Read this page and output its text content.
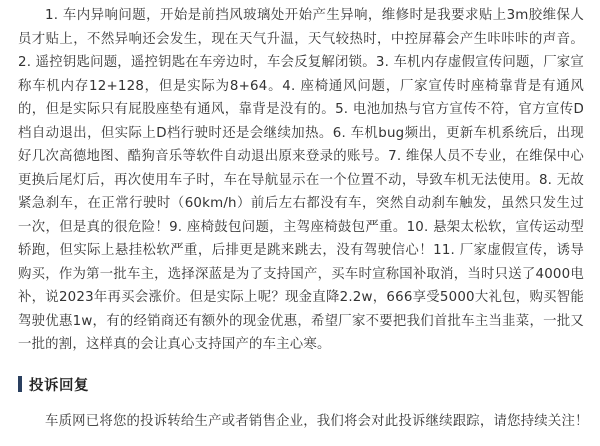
1. 车内异响问题，开始是前挡风玻璃处开始产生异响，维修时是我要求贴上3m胶维保人员才贴上，不然异响还会发生，现在天气升温，天气较热时，中控屏幕会产生咔咔咔的声音。2. 遥控钥匙问题，遥控钥匙在车旁边时，车会反复解闭锁。3. 车机内存虚假宣传问题，厂家宣称车机内存12+128，但是实际为8+64。4. 座椅通风问题，厂家宣传时座椅靠背是有通风的，但是实际只有屁股座垫有通风，靠背是没有的。5. 电池加热与官方宣传不符，官方宣传D档自动退出，但实际上D档行驶时还是会继续加热。6. 车机bug频出，更新车机系统后，出现好几次高德地图、酷狗音乐等软件自动退出原来登录的账号。7. 维保人员不专业，在维保中心更换后尾灯后，再次使用车子时，车在导航显示在一个位置不动，导致车机无法使用。8. 无故紧急刹车，在正常行驶时（60km/h）前后左右都没有车，突然自动刹车触发，虽然只发生过一次，但是真的很危险！9. 座椅鼓包问题，主驾座椅鼓包严重。10. 悬架太松软，宣传运动型轿跑，但实际上悬挂松软严重，后排更是跳来跳去，没有驾驶信心！11. 厂家虚假宣传，诱导购买，作为第一批车主，选择深蓝是为了支持国产，买车时宣称国补取消，当时只送了4000电补，说2023年再买会涨价。但是实际上呢？现金直降2.2w，666享受5000大礼包，购买智能驾驶优惠1w，有的经销商还有额外的现金优惠，希望厂家不要把我们首批车主当韭菜，一批又一批的割，这样真的会让真心支持国产的车主心寒。

投诉回复

车质网已将您的投诉转给生产或者销售企业，我们将会对此投诉继续跟踪，请您持续关注！
